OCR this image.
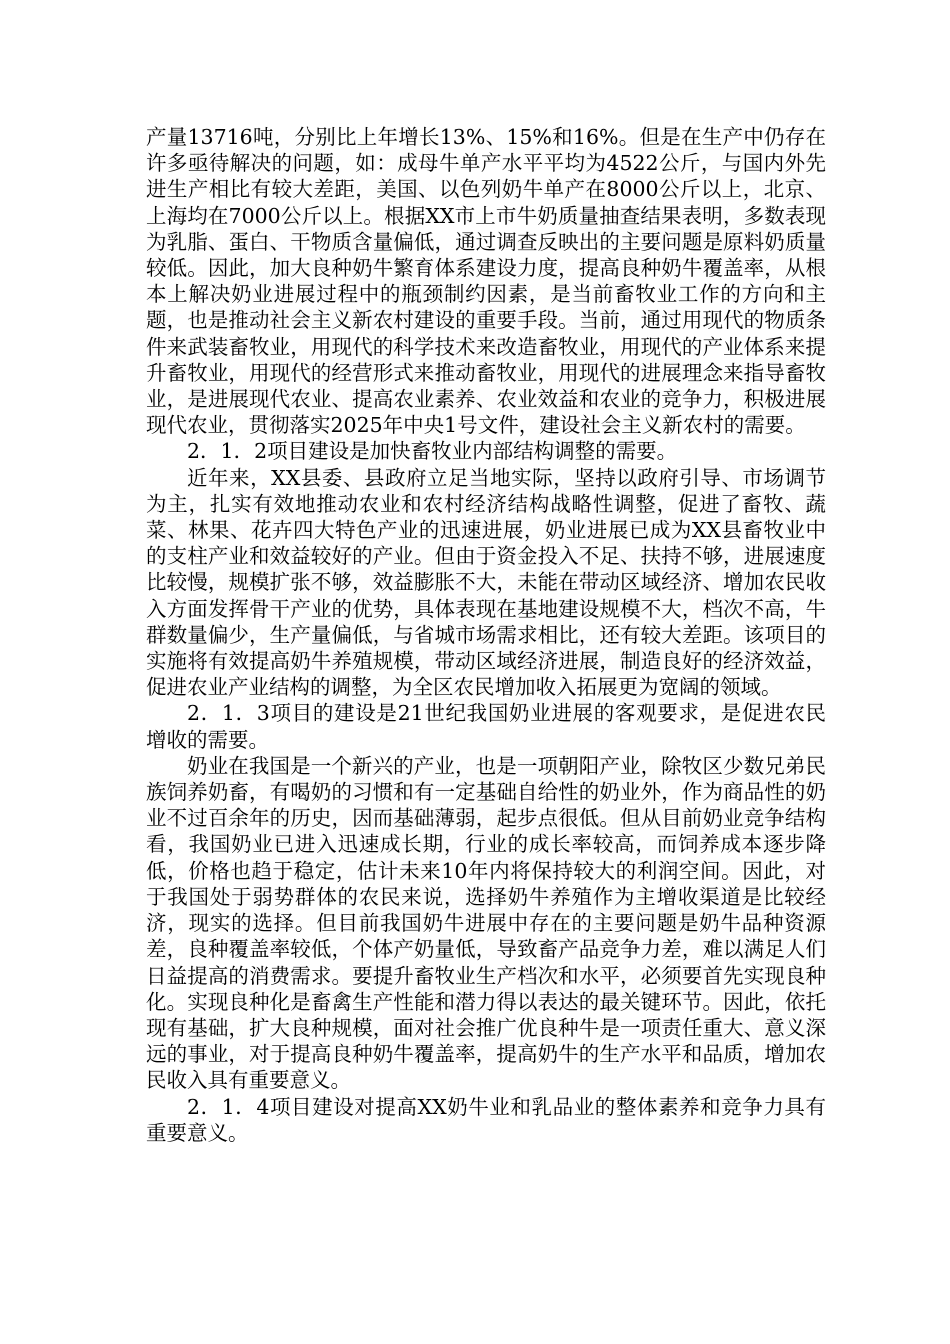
产量13716吨，分别比上年增长13%、15%和16%。但是在生产中仍存在许多亟待解决的问题，如：成母牛单产水平平均为4522公斤，与国内外先进生产相比有较大差距，美国、以色列奶牛单产在8000公斤以上，北京、上海均在7000公斤以上。根据XX市上市牛奶质量抽查结果表明，多数表现为乳脂、蛋白、干物质含量偏低，通过调查反映出的主要问题是原料奶质量较低。因此，加大良种奶牛繁育体系建设力度，提高良种奶牛覆盖率，从根本上解决奶业进展过程中的瓶颈制约因素，是当前畜牧业工作的方向和主题，也是推动社会主义新农村建设的重要手段。当前，通过用现代的物质条件来武装畜牧业，用现代的科学技术来改造畜牧业，用现代的产业体系来提升畜牧业，用现代的经营形式来推动畜牧业，用现代的进展理念来指导畜牧业，是进展现代农业、提高农业素养、农业效益和农业的竞争力，积极进展现代农业，贯彻落实2025年中央1号文件，建设社会主义新农村的需要。

2．1．2项目建设是加快畜牧业内部结构调整的需要。

近年来，XX县委、县政府立足当地实际，坚持以政府引导、市场调节为主，扎实有效地推动农业和农村经济结构战略性调整，促进了畜牧、蔬菜、林果、花卉四大特色产业的迅速进展，奶业进展已成为XX县畜牧业中的支柱产业和效益较好的产业。但由于资金投入不足、扶持不够，进展速度比较慢，规模扩张不够，效益膨胀不大，未能在带动区域经济、增加农民收入方面发挥骨干产业的优势，具体表现在基地建设规模不大，档次不高，牛群数量偏少，生产量偏低，与省城市场需求相比，还有较大差距。该项目的实施将有效提高奶牛养殖规模，带动区域经济进展，制造良好的经济效益，促进农业产业结构的调整，为全区农民增加收入拓展更为宽阔的领域。

2．1．3项目的建设是21世纪我国奶业进展的客观要求，是促进农民增收的需要。

奶业在我国是一个新兴的产业，也是一项朝阳产业，除牧区少数兄弟民族饲养奶畜，有喝奶的习惯和有一定基础自给性的奶业外，作为商品性的奶业不过百余年的历史，因而基础薄弱，起步点很低。但从目前奶业竞争结构看，我国奶业已进入迅速成长期，行业的成长率较高，而饲养成本逐步降低，价格也趋于稳定，估计未来10年内将保持较大的利润空间。因此，对于我国处于弱势群体的农民来说，选择奶牛养殖作为主增收渠道是比较经济，现实的选择。但目前我国奶牛进展中存在的主要问题是奶牛品种资源差，良种覆盖率较低，个体产奶量低，导致畜产品竞争力差，难以满足人们日益提高的消费需求。要提升畜牧业生产档次和水平，必须要首先实现良种化。实现良种化是畜禽生产性能和潜力得以表达的最关键环节。因此，依托现有基础，扩大良种规模，面对社会推广优良种牛是一项责任重大、意义深远的事业，对于提高良种奶牛覆盖率，提高奶牛的生产水平和品质，增加农民收入具有重要意义。

2．1．4项目建设对提高XX奶牛业和乳品业的整体素养和竞争力具有重要意义。
